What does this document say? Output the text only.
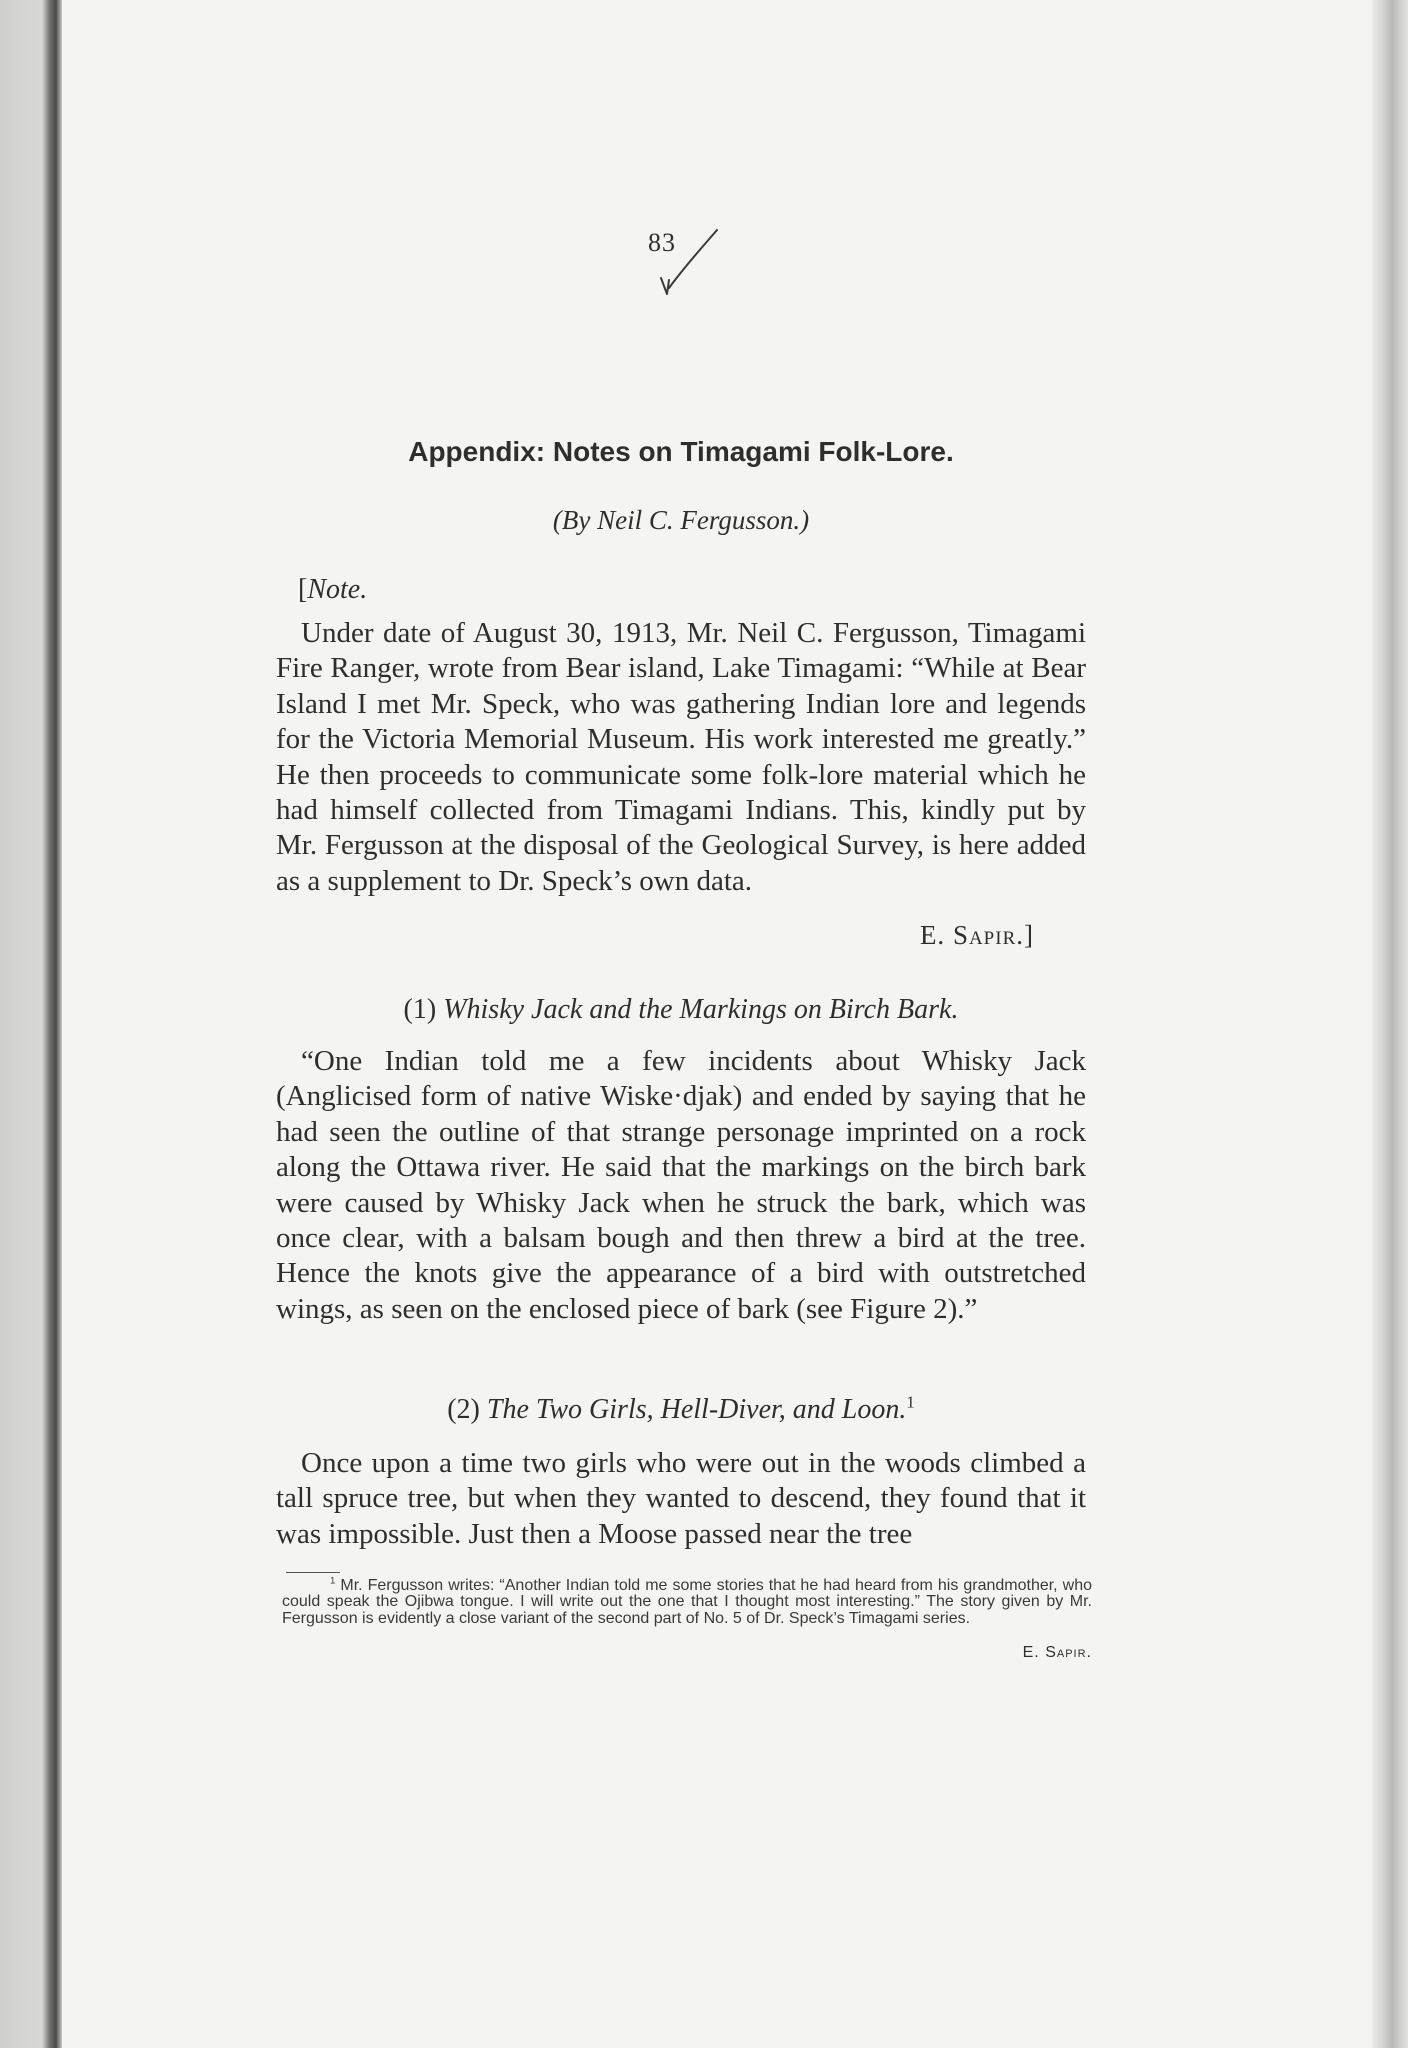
83
Appendix: Notes on Timagami Folk-Lore.
(By Neil C. Fergusson.)
[Note.
Under date of August 30, 1913, Mr. Neil C. Fergusson, Timagami Fire Ranger, wrote from Bear island, Lake Timagami: “While at Bear Island I met Mr. Speck, who was gathering Indian lore and legends for the Victoria Memorial Museum. His work interested me greatly.” He then proceeds to communicate some folk-lore material which he had himself collected from Timagami Indians. This, kindly put by Mr. Fergusson at the disposal of the Geological Survey, is here added as a supplement to Dr. Speck’s own data.
E. Sapir.]
(1) Whisky Jack and the Markings on Birch Bark.
“One Indian told me a few incidents about Whisky Jack (Anglicised form of native Wiske·djak) and ended by saying that he had seen the outline of that strange personage imprinted on a rock along the Ottawa river. He said that the markings on the birch bark were caused by Whisky Jack when he struck the bark, which was once clear, with a balsam bough and then threw a bird at the tree. Hence the knots give the appearance of a bird with outstretched wings, as seen on the enclosed piece of bark (see Figure 2).”
(2) The Two Girls, Hell-Diver, and Loon.$^1$
Once upon a time two girls who were out in the woods climbed a tall spruce tree, but when they wanted to descend, they found that it was impossible. Just then a Moose passed near the tree
$^1$ Mr. Fergusson writes: “Another Indian told me some stories that he had heard from his grandmother, who could speak the Ojibwa tongue. I will write out the one that I thought most interesting.” The story given by Mr. Fergusson is evidently a close variant of the second part of No. 5 of Dr. Speck’s Timagami series.
E. Sapir.
